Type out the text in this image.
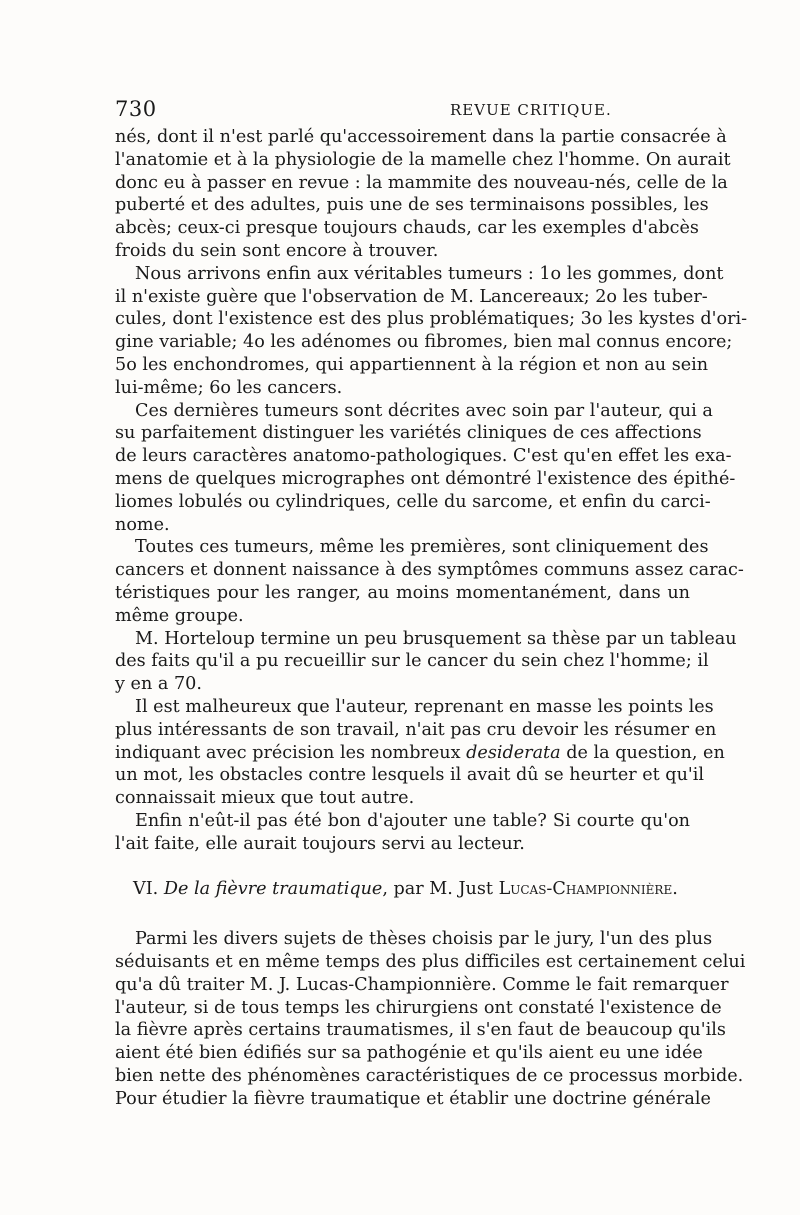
730	REVUE CRITIQUE.
nés, dont il n'est parlé qu'accessoirement dans la partie consacrée à
l'anatomie et à la physiologie de la mamelle chez l'homme. On aurait
donc eu à passer en revue : la mammite des nouveau-nés, celle de la
puberté et des adultes, puis une de ses terminaisons possibles, les
abcès; ceux-ci presque toujours chauds, car les exemples d'abcès
froids du sein sont encore à trouver.
Nous arrivons enfin aux véritables tumeurs : 1o les gommes, dont
il n'existe guère que l'observation de M. Lancereaux; 2o les tuber-
cules, dont l'existence est des plus problématiques; 3o les kystes d'ori-
gine variable; 4o les adénomes ou fibromes, bien mal connus encore;
5o les enchondromes, qui appartiennent à la région et non au sein
lui-même; 6o les cancers.
Ces dernières tumeurs sont décrites avec soin par l'auteur, qui a
su parfaitement distinguer les variétés cliniques de ces affections
de leurs caractères anatomo-pathologiques. C'est qu'en effet les exa-
mens de quelques micrographes ont démontré l'existence des épithé-
liomes lobulés ou cylindriques, celle du sarcome, et enfin du carci-
nome.
Toutes ces tumeurs, même les premières, sont cliniquement des
cancers et donnent naissance à des symptômes communs assez carac-
téristiques pour les ranger, au moins momentanément, dans un
même groupe.
M. Horteloup termine un peu brusquement sa thèse par un tableau
des faits qu'il a pu recueillir sur le cancer du sein chez l'homme; il
y en a 70.
Il est malheureux que l'auteur, reprenant en masse les points les
plus intéressants de son travail, n'ait pas cru devoir les résumer en
indiquant avec précision les nombreux desiderata de la question, en
un mot, les obstacles contre lesquels il avait dû se heurter et qu'il
connaissait mieux que tout autre.
Enfin n'eût-il pas été bon d'ajouter une table? Si courte qu'on
l'ait faite, elle aurait toujours servi au lecteur.
VI. De la fièvre traumatique, par M. Just Lucas-Championnière.
Parmi les divers sujets de thèses choisis par le jury, l'un des plus
séduisants et en même temps des plus difficiles est certainement celui
qu'a dû traiter M. J. Lucas-Championnière. Comme le fait remarquer
l'auteur, si de tous temps les chirurgiens ont constaté l'existence de
la fièvre après certains traumatismes, il s'en faut de beaucoup qu'ils
aient été bien édifiés sur sa pathogénie et qu'ils aient eu une idée
bien nette des phénomènes caractéristiques de ce processus morbide.
Pour étudier la fièvre traumatique et établir une doctrine générale
